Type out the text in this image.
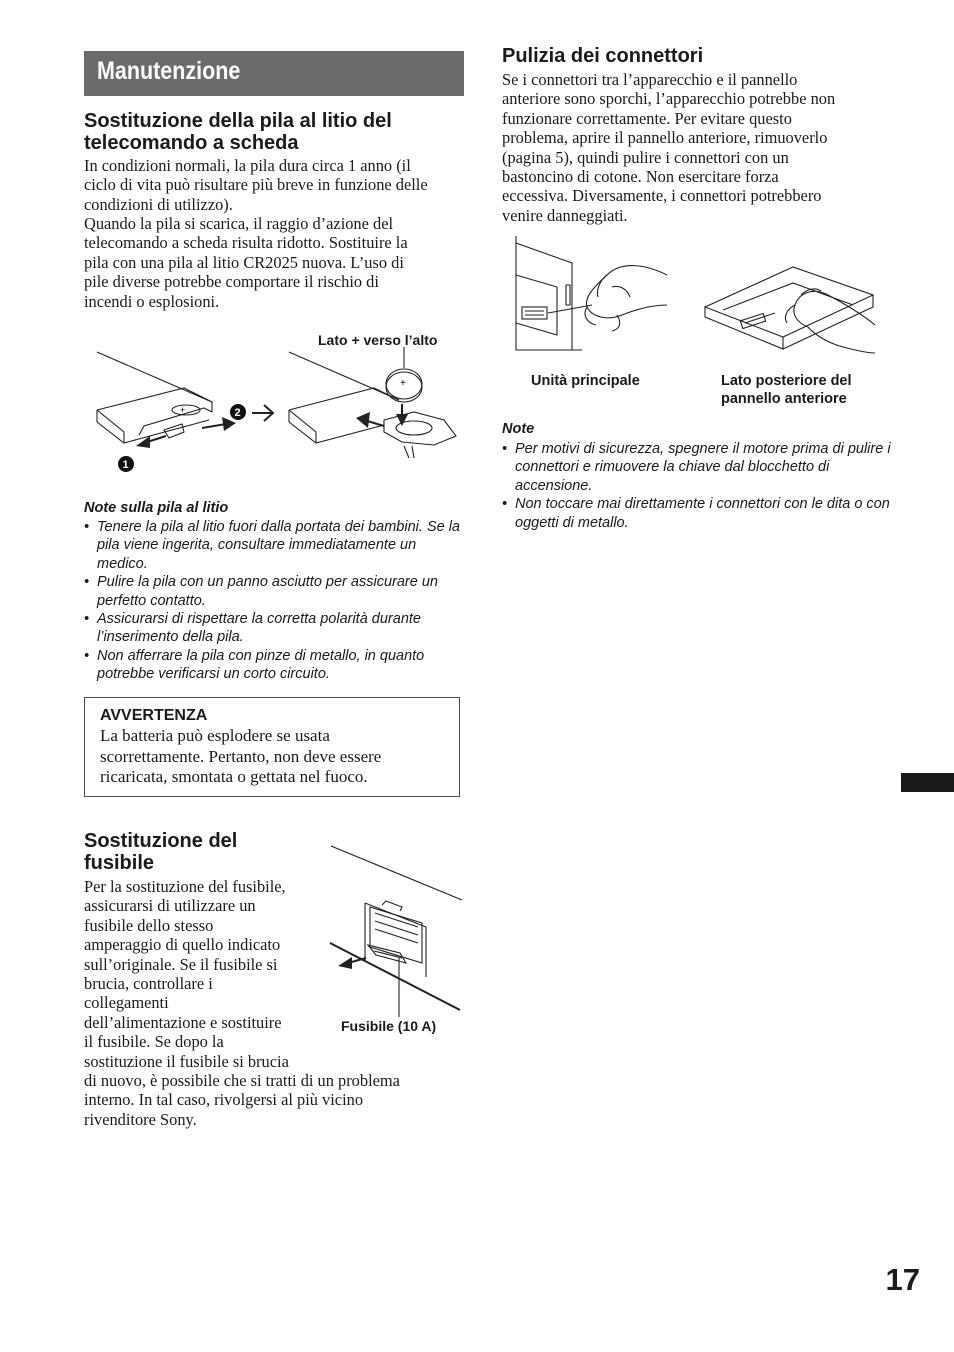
Manutenzione
Sostituzione della pila al litio del
telecomando a scheda
In condizioni normali, la pila dura circa 1 anno (il
ciclo di vita può risultare più breve in funzione delle
condizioni di utilizzo).
Quando la pila si scarica, il raggio d’azione del
telecomando a scheda risulta ridotto. Sostituire la
pila con una pila al litio CR2025 nuova. L’uso di
pile diverse potrebbe comportare il rischio di
incendi o esplosioni.
Lato + verso l’alto
+	2
1
+
Note sulla pila al litio
• Tenere la pila al litio fuori dalla portata dei bambini. Se la pila viene ingerita, consultare immediatamente un medico.
• Pulire la pila con un panno asciutto per assicurare un perfetto contatto.
• Assicurarsi di rispettare la corretta polarità durante l’inserimento della pila.
• Non afferrare la pila con pinze di metallo, in quanto potrebbe verificarsi un corto circuito.
AVVERTENZA
La batteria può esplodere se usata
scorrettamente. Pertanto, non deve essere
ricaricata, smontata o gettata nel fuoco.
Sostituzione del
fusibile
Per la sostituzione del fusibile,
assicurarsi di utilizzare un
fusibile dello stesso
amperaggio di quello indicato
sull’originale. Se il fusibile si
brucia, controllare i
collegamenti
dell’alimentazione e sostituire
il fusibile. Se dopo la
sostituzione il fusibile si brucia
di nuovo, è possibile che si tratti di un problema
interno. In tal caso, rivolgersi al più vicino
rivenditore Sony.
Fusibile (10 A)
Pulizia dei connettori
Se i connettori tra l’apparecchio e il pannello
anteriore sono sporchi, l’apparecchio potrebbe non
funzionare correttamente. Per evitare questo
problema, aprire il pannello anteriore, rimuoverlo
(pagina 5), quindi pulire i connettori con un
bastoncino di cotone. Non esercitare forza
eccessiva. Diversamente, i connettori potrebbero
venire danneggiati.
Unità principale	Lato posteriore del
pannello anteriore
Note
• Per motivi di sicurezza, spegnere il motore prima di pulire i connettori e rimuovere la chiave dal blocchetto di accensione.
• Non toccare mai direttamente i connettori con le dita o con oggetti di metallo.
17
